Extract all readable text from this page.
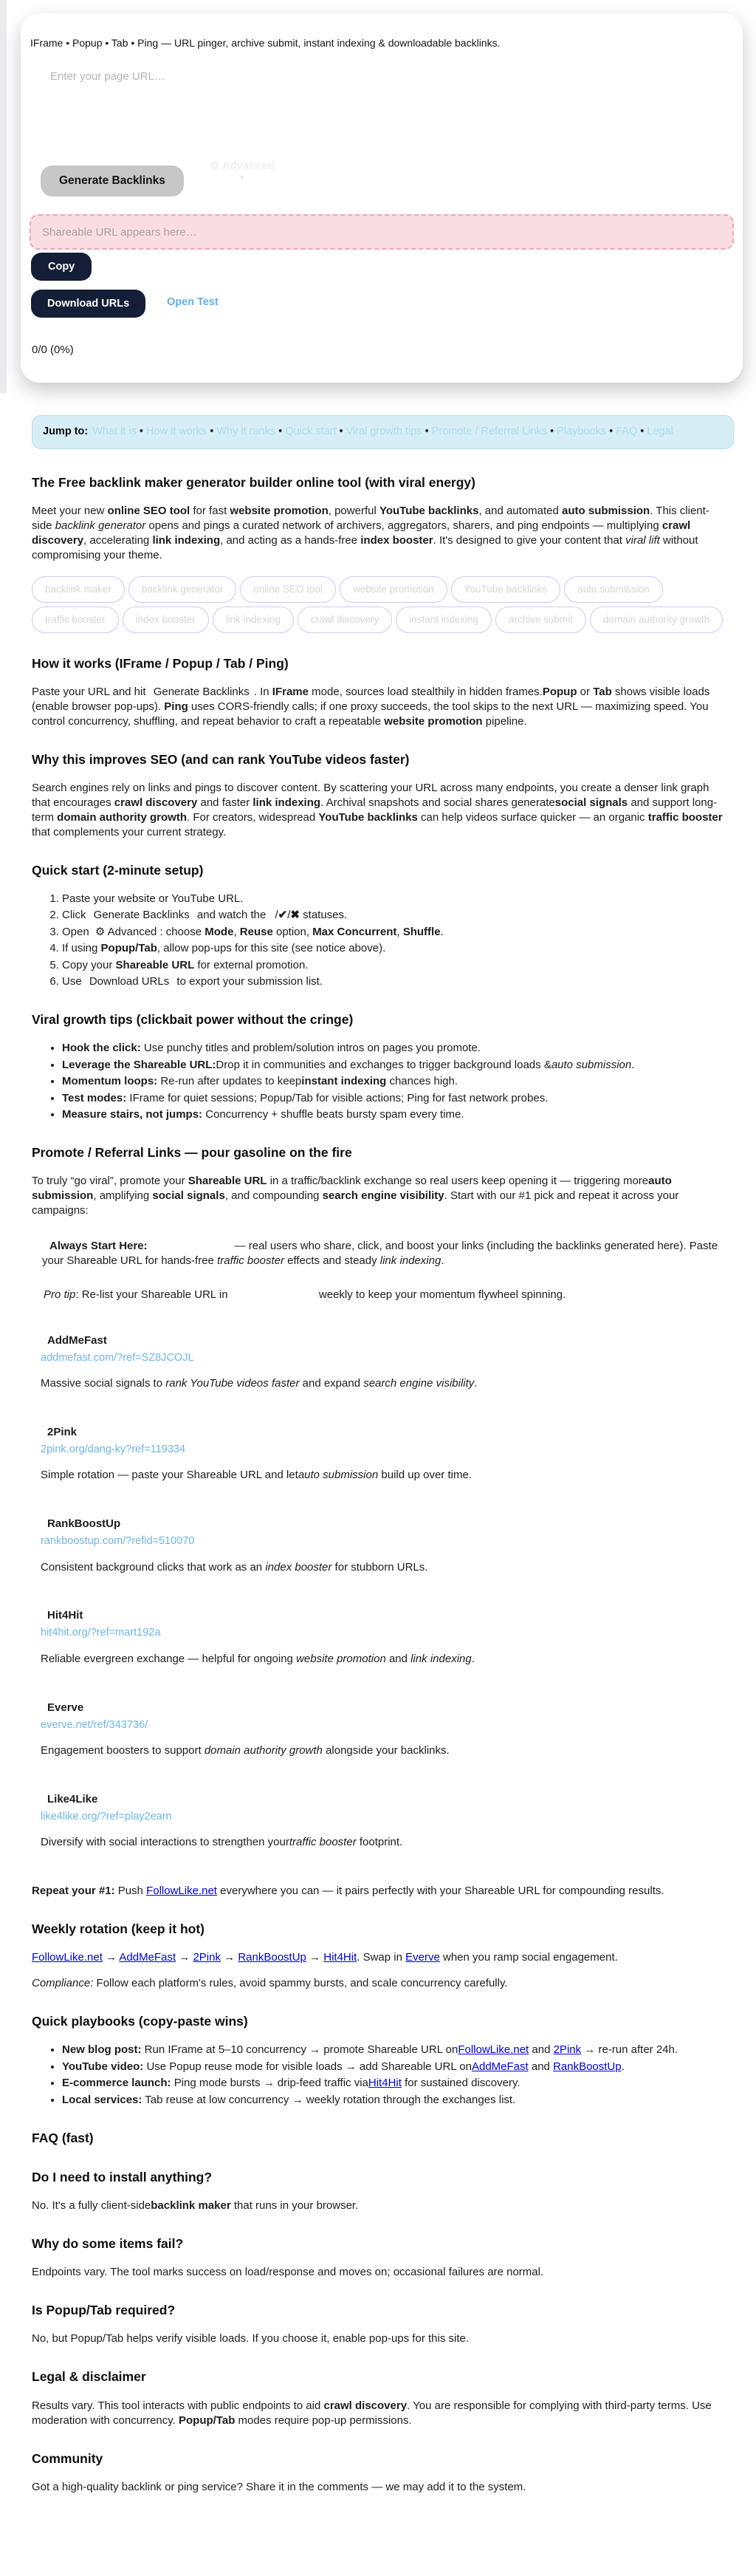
IFrame • Popup • Tab • Ping — URL pinger, archive submit, instant indexing & downloadable backlinks.
Enter your page URL…
⚙ Advanced
▼
Generate Backlinks
Shareable URL appears here…
Copy
Download URLs	Open Test
0/0 (0%)
Jump to: What it is • How it works • Why it ranks • Quick start • Viral growth tips • Promote / Referral Links • Playbooks • FAQ • Legal
The Free backlink maker generator builder online tool (with viral energy)

Meet your new online SEO tool for fast website promotion, powerful YouTube backlinks, and automated auto submission. This client-side backlink generator opens and pings a curated network of archivers, aggregators, sharers, and ping endpoints — multiplying crawl discovery, accelerating link indexing, and acting as a hands-free index booster. It's designed to give your content that viral lift without compromising your theme.

backlink maker	backlink generator	online SEO tool	website promotion	YouTube backlinks	auto submission
traffic booster	index booster	link indexing	crawl discovery	instant indexing	archive submit	domain authority growth
How it works (IFrame / Popup / Tab / Ping)

Paste your URL and hit Generate Backlinks . In IFrame mode, sources load stealthily in hidden frames.Popup or Tab shows visible loads (enable browser pop-ups). Ping uses CORS-friendly calls; if one proxy succeeds, the tool skips to the next URL — maximizing speed. You control concurrency, shuffling, and repeat behavior to craft a repeatable website promotion pipeline.

Why this improves SEO (and can rank YouTube videos faster)

Search engines rely on links and pings to discover content. By scattering your URL across many endpoints, you create a denser link graph that encourages crawl discovery and faster link indexing. Archival snapshots and social shares generatesocial signals and support long-term domain authority growth. For creators, widespread YouTube backlinks can help videos surface quicker — an organic traffic booster that complements your current strategy.

Quick start (2-minute setup)
1. Paste your website or YouTube URL.
2. Click Generate Backlinks and watch the /✔/✖ statuses.
3. Open ⚙ Advanced : choose Mode, Reuse option, Max Concurrent, Shuffle.
4. If using Popup/Tab, allow pop-ups for this site (see notice above).
5. Copy your Shareable URL for external promotion.
6. Use Download URLs to export your submission list.
Viral growth tips (clickbait power without the cringe)
• Hook the click: Use punchy titles and problem/solution intros on pages you promote.
• Leverage the Shareable URL:Drop it in communities and exchanges to trigger background loads &auto submission.
• Momentum loops: Re-run after updates to keepinstant indexing chances high.
• Test modes: IFrame for quiet sessions; Popup/Tab for visible actions; Ping for fast network probes.
• Measure stairs, not jumps: Concurrency + shuffle beats bursty spam every time.
Promote / Referral Links — pour gasoline on the fire

To truly “go viral”, promote your Shareable URL in a traffic/backlink exchange so real users keep opening it — triggering moreauto submission, amplifying social signals, and compounding search engine visibility. Start with our #1 pick and repeat it across your campaigns:

Always Start Here:	— real users who share, click, and boost your links (including the backlinks generated here). Paste your Shareable URL for hands-free traffic booster effects and steady link indexing.
Pro tip: Re-list your Shareable URL in	weekly to keep your momentum flywheel spinning.
AddMeFast
addmefast.com/?ref=SZ8JCOJL

Massive social signals to rank YouTube videos faster and expand search engine visibility.

2Pink
2pink.org/dang-ky?ref=119334

Simple rotation — paste your Shareable URL and letauto submission build up over time.

RankBoostUp
rankboostup.com/?refid=510070

Consistent background clicks that work as an index booster for stubborn URLs.

Hit4Hit
hit4hit.org/?ref=mart192a

Reliable evergreen exchange — helpful for ongoing website promotion and link indexing.

Everve
everve.net/ref/343736/

Engagement boosters to support domain authority growth alongside your backlinks.

Like4Like
like4like.org/?ref=play2earn

Diversify with social interactions to strengthen yourtraffic booster footprint.

Repeat your #1: Push FollowLike.net everywhere you can — it pairs perfectly with your Shareable URL for compounding results.

Weekly rotation (keep it hot)

FollowLike.net → AddMeFast → 2Pink → RankBoostUp → Hit4Hit. Swap in Everve when you ramp social engagement.

Compliance: Follow each platform's rules, avoid spammy bursts, and scale concurrency carefully.

Quick playbooks (copy-paste wins)
• New blog post: Run IFrame at 5–10 concurrency → promote Shareable URL onFollowLike.net and 2Pink → re-run after 24h.
• YouTube video: Use Popup reuse mode for visible loads → add Shareable URL onAddMeFast and RankBoostUp.
• E-commerce launch: Ping mode bursts → drip-feed traffic viaHit4Hit for sustained discovery.
• Local services: Tab reuse at low concurrency → weekly rotation through the exchanges list.
FAQ (fast)
Do I need to install anything?

No. It's a fully client-sidebacklink maker that runs in your browser.

Why do some items fail?

Endpoints vary. The tool marks success on load/response and moves on; occasional failures are normal.

Is Popup/Tab required?

No, but Popup/Tab helps verify visible loads. If you choose it, enable pop-ups for this site.

Legal & disclaimer

Results vary. This tool interacts with public endpoints to aid crawl discovery. You are responsible for complying with third-party terms. Use moderation with concurrency. Popup/Tab modes require pop-up permissions.

Community

Got a high-quality backlink or ping service? Share it in the comments — we may add it to the system.
